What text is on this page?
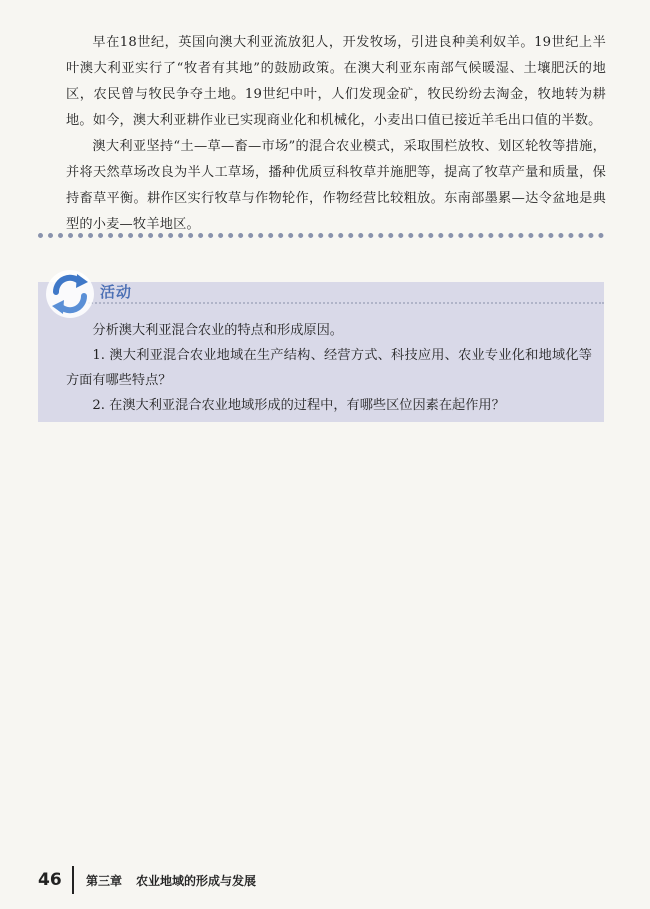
早在18世纪，英国向澳大利亚流放犯人，开发牧场，引进良种美利奴羊。19世纪上半叶澳大利亚实行了“牧者有其地”的鼓励政策。在澳大利亚东南部气候暖湿、土壤肥沃的地区，农民曾与牧民争夺土地。19世纪中叶，人们发现金矿，牧民纷纷去淘金，牧地转为耕地。如今，澳大利亚耕作业已实现商业化和机械化，小麦出口值已接近羊毛出口值的半数。

澳大利亚坚持“土—草—畜—市场”的混合农业模式，采取围栏放牧、划区轮牧等措施，并将天然草场改良为半人工草场，播种优质豆科牧草并施肥等，提高了牧草产量和质量，保持畜草平衡。耕作区实行牧草与作物轮作，作物经营比较粗放。东南部墨累—达令盆地是典型的小麦—牧羊地区。

活动

分析澳大利亚混合农业的特点和形成原因。

1. 澳大利亚混合农业地域在生产结构、经营方式、科技应用、农业专业化和地域化等方面有哪些特点？

2. 在澳大利亚混合农业地域形成的过程中，有哪些区位因素在起作用？

46	第三章 农业地域的形成与发展
